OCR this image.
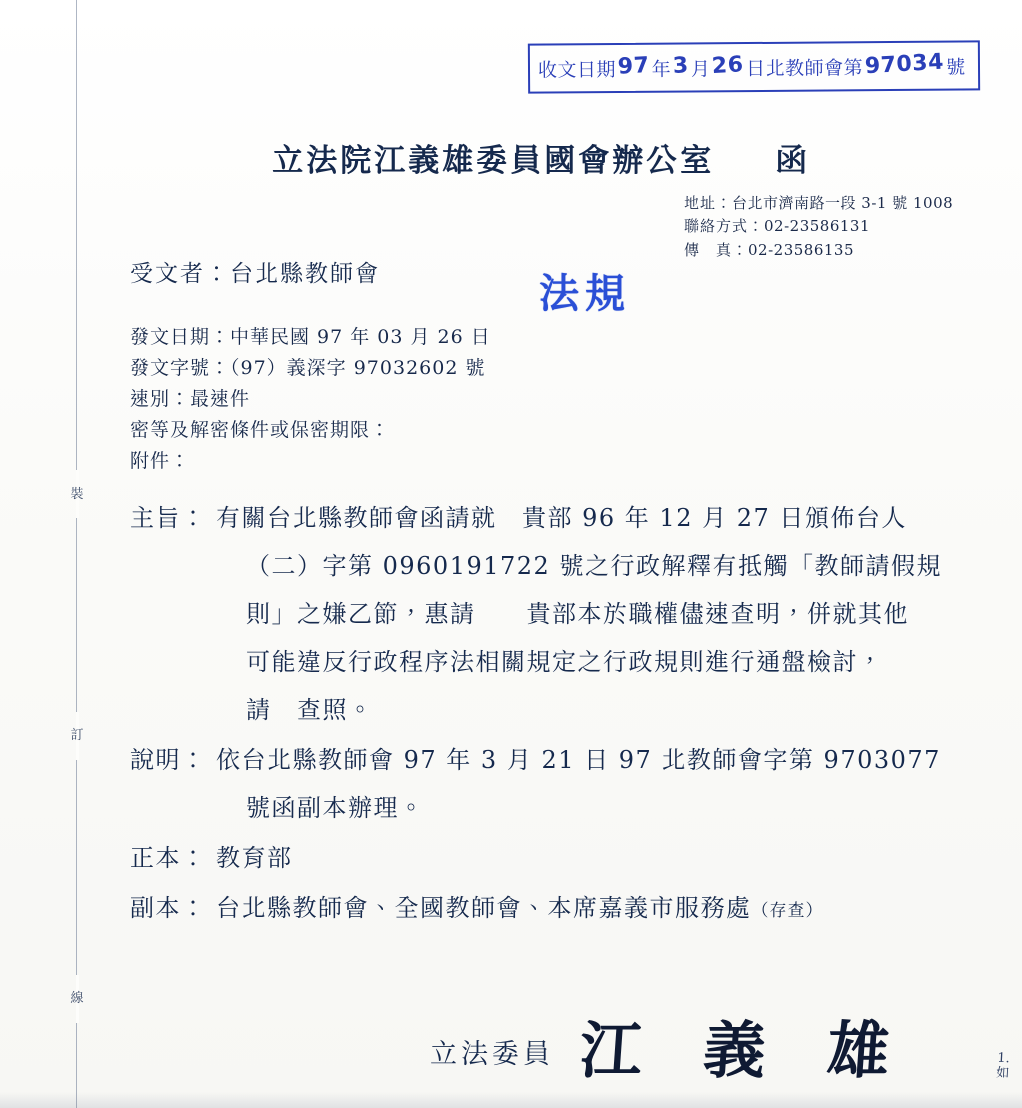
裝
訂
線
收文日期 97 年 3 月 26 日 北教師會第 97034 號
立法院江義雄委員國會辦公室 函
地址：台北市濟南路一段 3-1 號 1008
聯絡方式：02-23586131
傳　真：02-23586135
受文者：台北縣教師會	法規
發文日期：中華民國 97 年 03 月 26 日
發文字號：（97）義深字 97032602 號
速別：最速件
密等及解密條件或保密期限：
附件：
主旨： 有關台北縣教師會函請就　貴部 96 年 12 月 27 日頒佈台人
（二）字第 0960191722 號之行政解釋有抵觸「教師請假規
則」之嫌乙節，惠請　　貴部本於職權儘速查明，併就其他
可能違反行政程序法相關規定之行政規則進行通盤檢討，
請　查照。
說明： 依台北縣教師會 97 年 3 月 21 日 97 北教師會字第 9703077
號函副本辦理。
正本： 教育部
副本： 台北縣教師會、全國教師會、本席嘉義市服務處（存查）
立法委員 江 義 雄	1. 如
